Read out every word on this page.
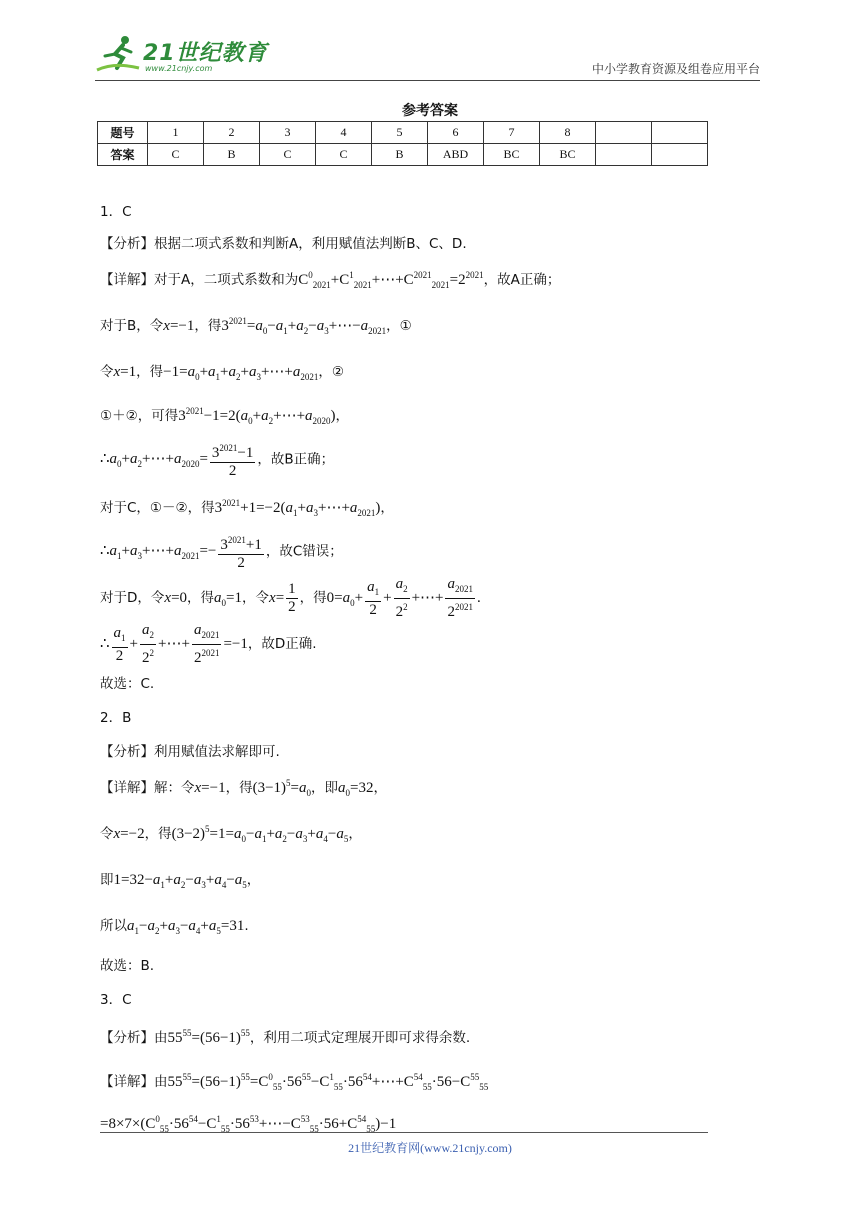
21世纪教育
www.21cnjy.com	中小学教育资源及组卷应用平台
参考答案
题号	1	2	3	4	5	6	7	8		
答案	C	B	C	C	B	ABD	BC	BC		
1．C
【分析】根据二项式系数和判断A，利用赋值法判断B、C、D.
【详解】对于A，二项式系数和为$C^0_{2021}+C^1_{2021}+\cdots+C^{2021}_{2021}=2^{2021}$，故A正确；
对于B，令x=−1，得$3^{2021}=a_0-a_1+a_2-a_3+\cdots-a_{2021}$，①
令x=1，得$-1=a_0+a_1+a_2+a_3+\cdots+a_{2021}$，②
①＋②，可得$3^{2021}-1=2(a_0+a_2+\cdots+a_{2020})$，
$\therefore a_0+a_2+\cdots+a_{2020}= \frac{3^{2021}-1}{2}$ ，故B正确；
对于C，①－②，得$3^{2021}+1=-2(a_1+a_3+\cdots+a_{2021})$，
$\therefore a_1+a_3+\cdots+a_{2021}=- \frac{3^{2021}+1}{2}$ ，故C错误；
对于D，令x=0，得$a_0=1$，令$x= \frac{1}{2}$ ，得$0=a_0+ \frac{a_1}{2} + \frac{a_2}{2^2}$ +⋯+ $\frac{a_{2021}}{2^{2021}}$ .
∴ $\frac{a_1}{2} + \frac{a_2}{2^2}$ +⋯+ $\frac{a_{2021}}{2^{2021}} =-1$，故D正确.
故选：C.
2．B
【分析】利用赋值法求解即可.
【详解】解：令x=−1，得$(3-1)^5=a_0$，即$a_0=32$，
令x=−2，得$(3-2)^5=1=a_0-a_1+a_2-a_3+a_4-a_5$，
即$1=32-a_1+a_2-a_3+a_4-a_5$，
所以$a_1-a_2+a_3-a_4+a_5=31$.
故选：B.
3．C
【分析】由$55^{55}=(56-1)^{55}$，利用二项式定理展开即可求得余数.
【详解】由$55^{55}=(56-1)^{55}=C^0_{55}\cdot 56^{55}-C^1_{55}\cdot 56^{54}+\cdots+C^{54}_{55}\cdot 56-C^{55}_{55}$
$=8\times 7\times(C^0_{55}\cdot 56^{54}-C^1_{55}\cdot 56^{53}+\cdots-C^{53}_{55}\cdot 56+C^{54}_{55})-1$
21世纪教育网(www.21cnjy.com)
